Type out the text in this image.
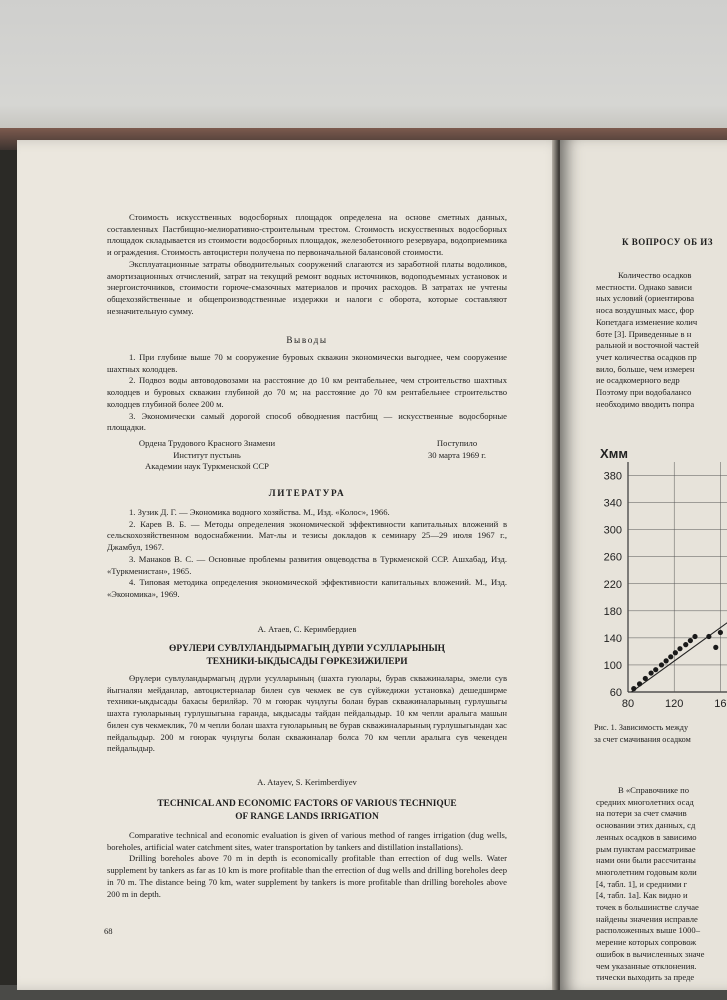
Стоимость искусственных водосборных площадок определена на основе сметных данных, составленных Пастбищно-мелиоративно-строительным трестом. Стоимость искусственных водосборных площадок складывается из стоимости водосборных площадок, железобетонного резервуара, водоприемника и ограждения. Стоимость автоцистерн получена по первоначальной балансовой стоимости.

Эксплуатационные затраты обводнительных сооружений слагаются из заработной платы водоликов, амортизационных отчислений, затрат на текущий ремонт водных источников, водоподъемных установок и энергоисточников, стоимости горюче-смазочных материалов и прочих расходов. В затратах не учтены общехозяйственные и общепроизводственные издержки и налоги с оборота, которые составляют незначительную сумму.

Выводы

1. При глубине выше 70 м сооружение буровых скважин экономически выгоднее, чем сооружение шахтных колодцев.

2. Подвоз воды автоводовозами на расстояние до 10 км рентабельнее, чем строительство шахтных колодцев и буровых скважин глубиной до 70 м; на расстояние до 70 км рентабельнее строительство колодцев глубиной более 200 м.

3. Экономически самый дорогой способ обводнения пастбищ — искусственные водосборные площадки.

Ордена Трудового Красного Знамени
Институт пустынь
Академии наук Туркменской ССР
Поступило
30 марта 1969 г.
ЛИТЕРАТУРА

1. Зузик Д. Г. — Экономика водного хозяйства. М., Изд. «Колос», 1966.

2. Карев В. Б. — Методы определения экономической эффективности капитальных вложений в сельскохозяйственном водоснабжении. Мат-лы и тезисы докладов к семинару 25—29 июля 1967 г., Джамбул, 1967.

3. Манаков В. С. — Основные проблемы развития овцеводства в Туркменской ССР. Ашхабад, Изд. «Туркменистан», 1965.

4. Типовая методика определения экономической эффективности капитальных вложений. М., Изд. «Экономика», 1969.

А. Атаев, С. Керимбердиев
ӨРҮЛЕРИ СУВЛУЛАНДЫРМАГЫҢ ДҮРЛИ УСУЛЛАРЫНЫҢ
ТЕХНИКИ-ЫКДЫСАДЫ ГӨРКЕЗИЖИЛЕРИ

Өрүлери сувлуландырмагың дүрли усулларының (шахта гуюлары, бурав скважиналары, эмели сув йыгналян мейданлар, автоцистерналар билен сув чекмек ве сув сүйжедижи установка) дешедширме техники-ыкдысады бахасы берилйәр. 70 м гоюрак чуңлугы болан бурав скважиналарының гурлушыгы шахта гуюларының гурлушыгына гаранда, ыкдысады тайдан пейдалыдыр. 10 км чепли аралыга машын билен сув чекмеклик, 70 м чепли болан шахта гуюларының ве бурав скважиналарының гурлушыгындан хас пейдалыдыр. 200 м гоюрак чуңлугы болан скважиналар болса 70 км чепли аралыга сув чекенден пейдалыдыр.

A. Atayev, S. Kerimberdiyev
TECHNICAL AND ECONOMIC FACTORS OF VARIOUS TECHNIQUE
OF RANGE LANDS IRRIGATION

Comparative technical and economic evaluation is given of various method of ranges irrigation (dug wells, boreholes, artificial water catchment sites, water transportation by tankers and distillation installations).

Drilling boreholes above 70 m in depth is economically profitable than errection of dug wells. Water supplement by tankers as far as 10 km is more profitable than the errection of dug wells and drilling boreholes deep in 70 m. The distance being 70 km, water supplement by tankers is more profitable than drilling boreholes above 200 m in depth.

68
К ВОПРОСУ ОБ ИЗ
Количество осадков
местности. Однако зависи
ных условий (ориентирова
носа воздушных масс, фор
Копетдага изменение колич
боте [3]. Приведенные в н
ральной и восточной частей
учет количества осадков пр
вило, больше, чем измерен
ие осадкомерного ведр
Поэтому при водобалансо
необходимо вводить попра
60
100
140
180
220
260
300
340
380
80	120	16
Хмм
Рис. 1. Зависимость между
за счет смачивания осадком
В «Справочнике по
средних многолетних осад
на потери за счет смачив
основании этих данных, сд
ленных осадков в зависимо
рым пунктам рассматривае
нами они были рассчитаны
многолетним годовым коли
[4, табл. 1], и средними г
[4, табл. 1а]. Как видно и
точек в большинстве случае
найдены значения исправле
расположенных выше 1000–
мерение которых сопровож
ошибок в вычисленных значе
чем указанные отклонения.
тически выходить за преде
